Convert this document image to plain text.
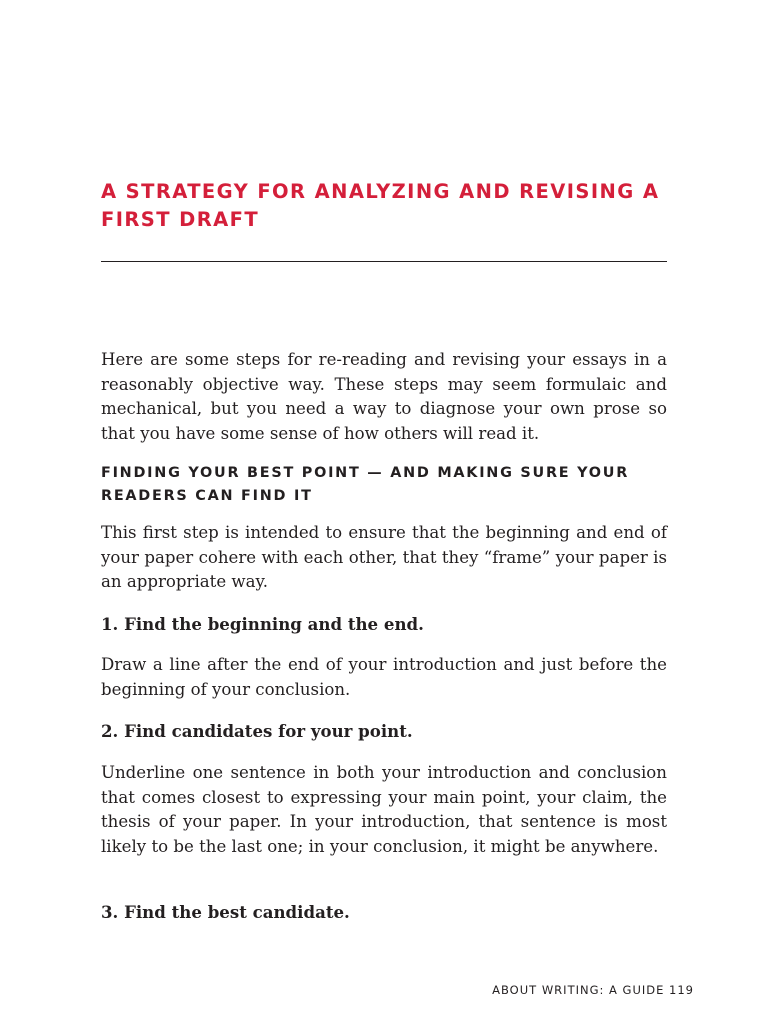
A STRATEGY FOR ANALYZING AND REVISING A FIRST DRAFT

Here are some steps for re-reading and revising your essays in a reasonably objective way. These steps may seem formulaic and mechanical, but you need a way to diagnose your own prose so that you have some sense of how others will read it.

FINDING YOUR BEST POINT — AND MAKING SURE YOUR READERS CAN FIND IT

This first step is intended to ensure that the beginning and end of your paper cohere with each other, that they “frame” your paper is an appropriate way.

1. Find the beginning and the end.

Draw a line after the end of your introduction and just before the beginning of your conclusion.

2. Find candidates for your point.

Underline one sentence in both your introduction and conclusion that comes closest to expressing your main point, your claim, the thesis of your paper. In your introduction, that sentence is most likely to be the last one; in your conclusion, it might be anywhere.

3. Find the best candidate.

ABOUT WRITING: A GUIDE 119
